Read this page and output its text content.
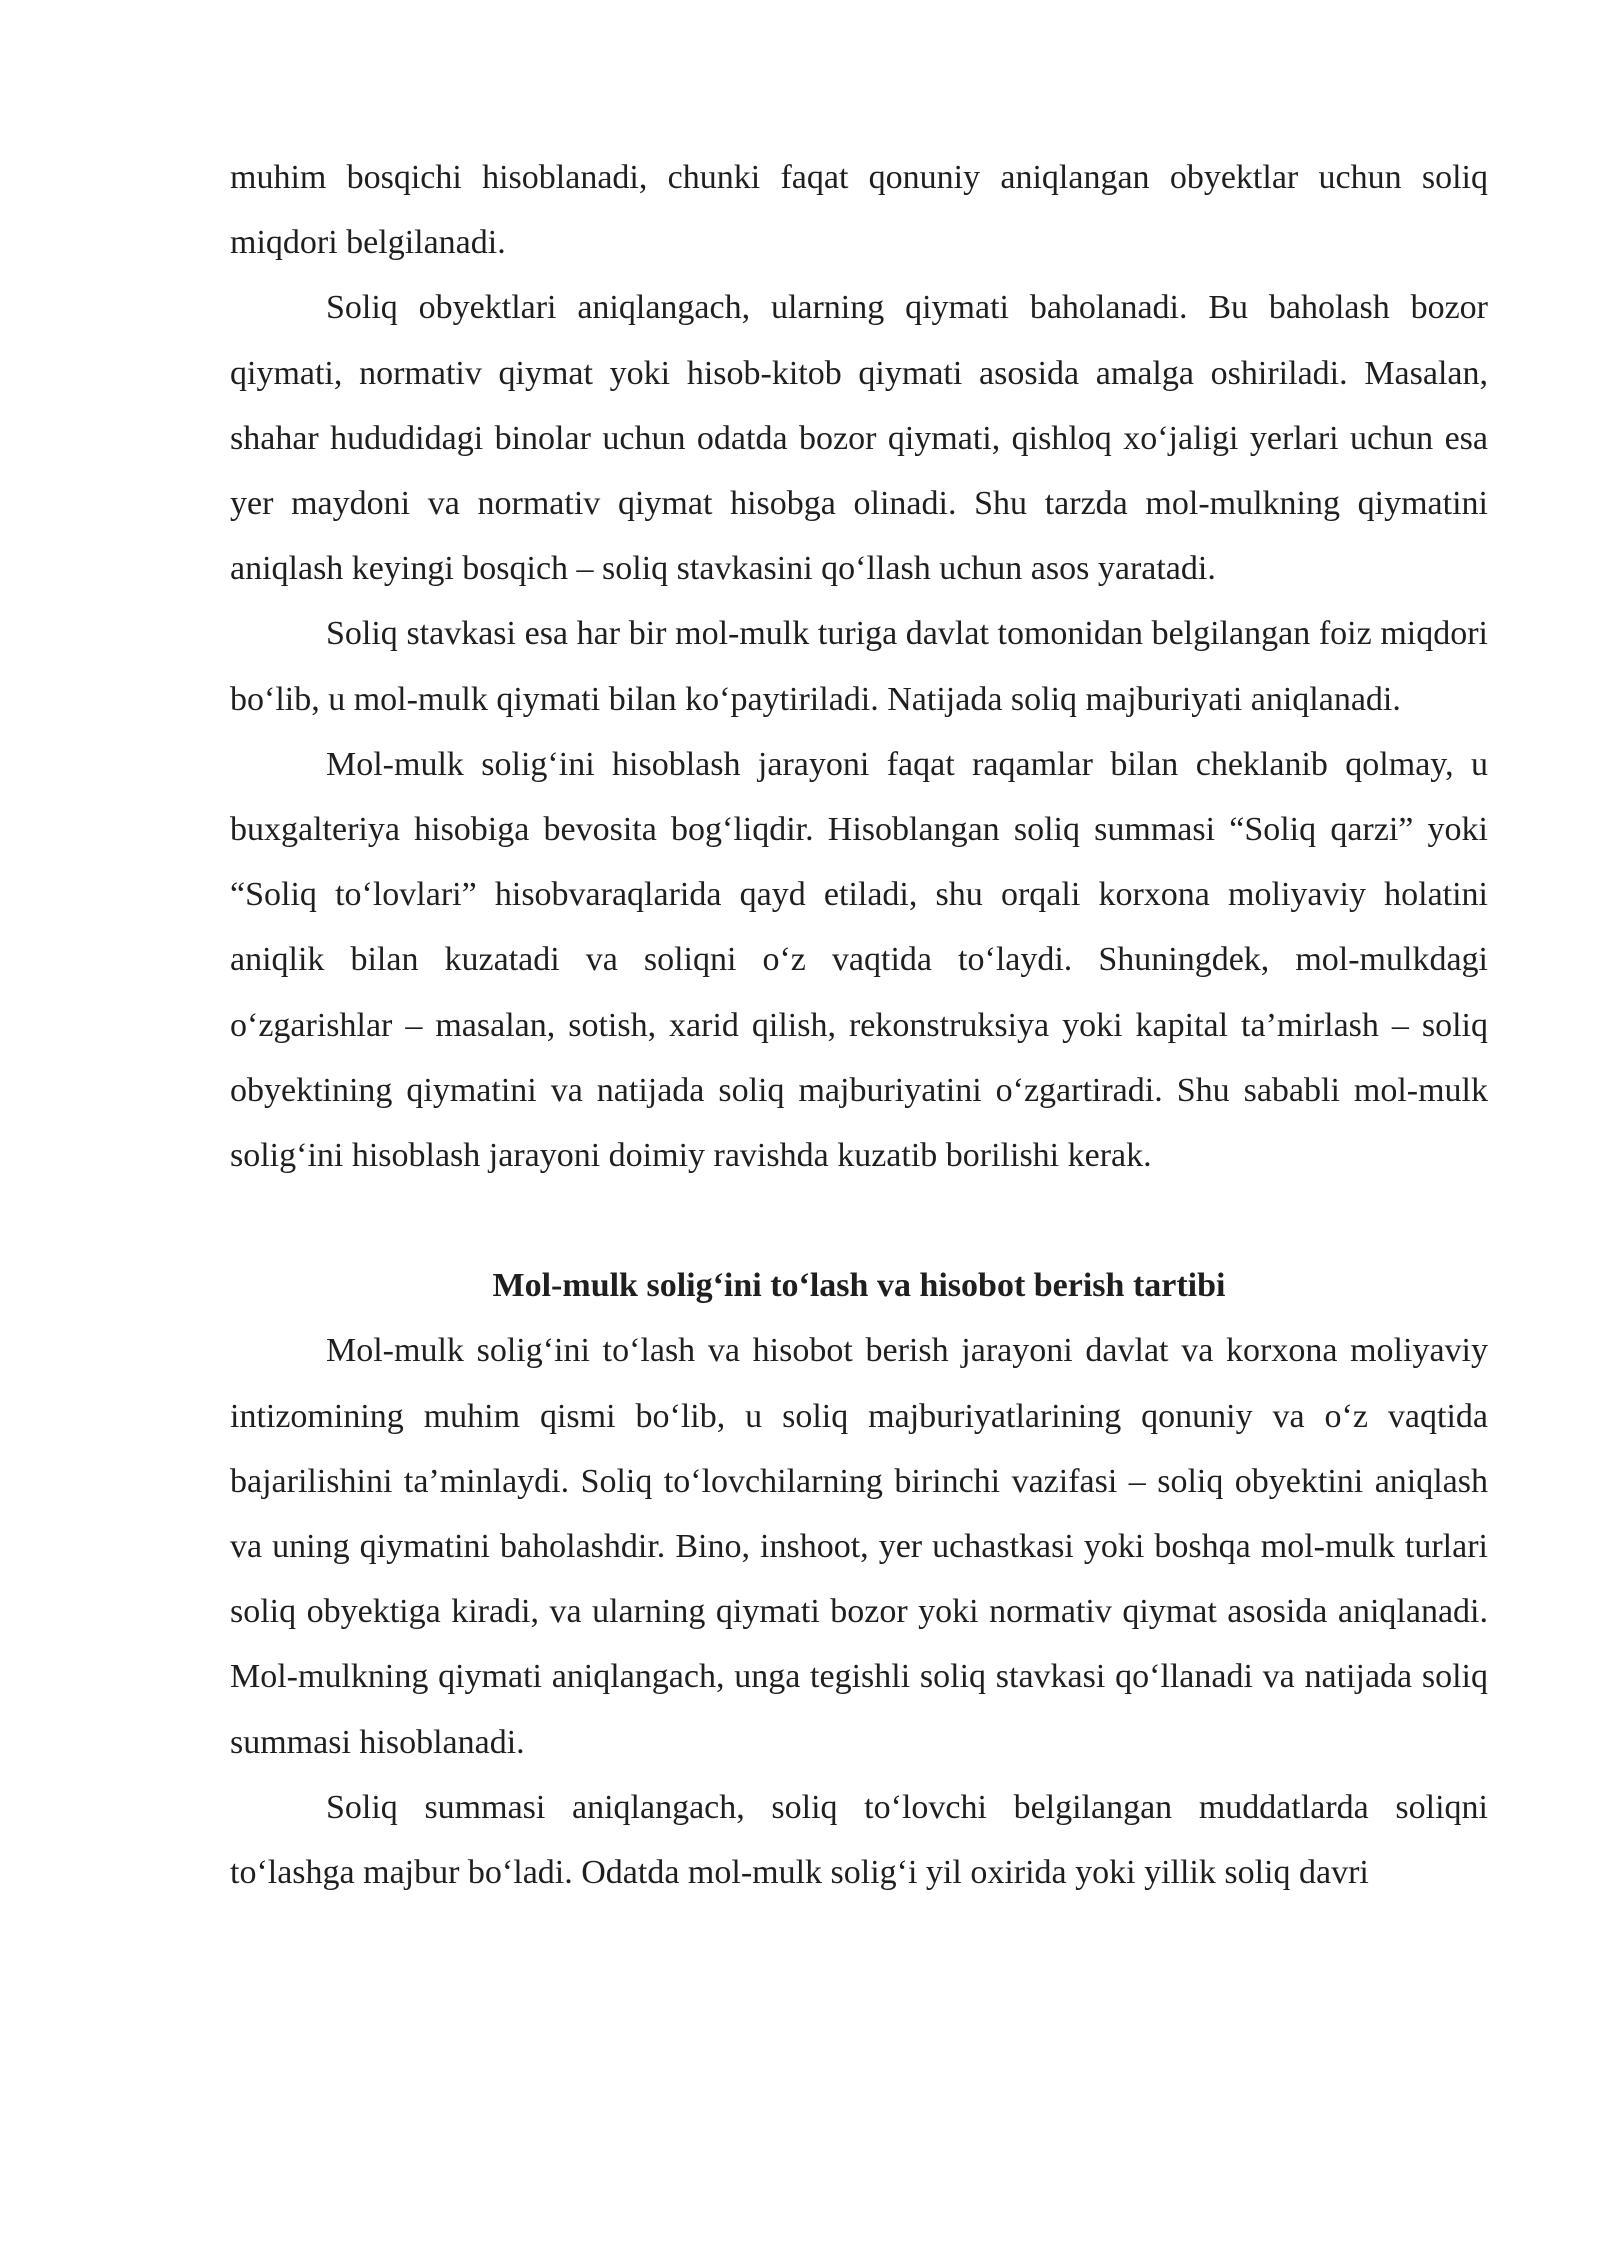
muhim bosqichi hisoblanadi, chunki faqat qonuniy aniqlangan obyektlar uchun soliq miqdori belgilanadi.

Soliq obyektlari aniqlangach, ularning qiymati baholanadi. Bu baholash bozor qiymati, normativ qiymat yoki hisob-kitob qiymati asosida amalga oshiriladi. Masalan, shahar hududidagi binolar uchun odatda bozor qiymati, qishloq xo‘jaligi yerlari uchun esa yer maydoni va normativ qiymat hisobga olinadi. Shu tarzda mol-mulkning qiymatini aniqlash keyingi bosqich – soliq stavkasini qo‘llash uchun asos yaratadi.

Soliq stavkasi esa har bir mol-mulk turiga davlat tomonidan belgilangan foiz miqdori bo‘lib, u mol-mulk qiymati bilan ko‘paytiriladi. Natijada soliq majburiyati aniqlanadi.

Mol-mulk solig‘ini hisoblash jarayoni faqat raqamlar bilan cheklanib qolmay, u buxgalteriya hisobiga bevosita bog‘liqdir. Hisoblangan soliq summasi “Soliq qarzi” yoki “Soliq to‘lovlari” hisobvaraqlarida qayd etiladi, shu orqali korxona moliyaviy holatini aniqlik bilan kuzatadi va soliqni o‘z vaqtida to‘laydi. Shuningdek, mol-mulkdagi o‘zgarishlar – masalan, sotish, xarid qilish, rekonstruksiya yoki kapital ta’mirlash – soliq obyektining qiymatini va natijada soliq majburiyatini o‘zgartiradi. Shu sababli mol-mulk solig‘ini hisoblash jarayoni doimiy ravishda kuzatib borilishi kerak.

Mol-mulk solig‘ini to‘lash va hisobot berish tartibi

Mol-mulk solig‘ini to‘lash va hisobot berish jarayoni davlat va korxona moliyaviy intizomining muhim qismi bo‘lib, u soliq majburiyatlarining qonuniy va o‘z vaqtida bajarilishini ta’minlaydi. Soliq to‘lovchilarning birinchi vazifasi – soliq obyektini aniqlash va uning qiymatini baholashdir. Bino, inshoot, yer uchastkasi yoki boshqa mol-mulk turlari soliq obyektiga kiradi, va ularning qiymati bozor yoki normativ qiymat asosida aniqlanadi. Mol-mulkning qiymati aniqlangach, unga tegishli soliq stavkasi qo‘llanadi va natijada soliq summasi hisoblanadi.

Soliq summasi aniqlangach, soliq to‘lovchi belgilangan muddatlarda soliqni to‘lashga majbur bo‘ladi. Odatda mol-mulk solig‘i yil oxirida yoki yillik soliq davri
